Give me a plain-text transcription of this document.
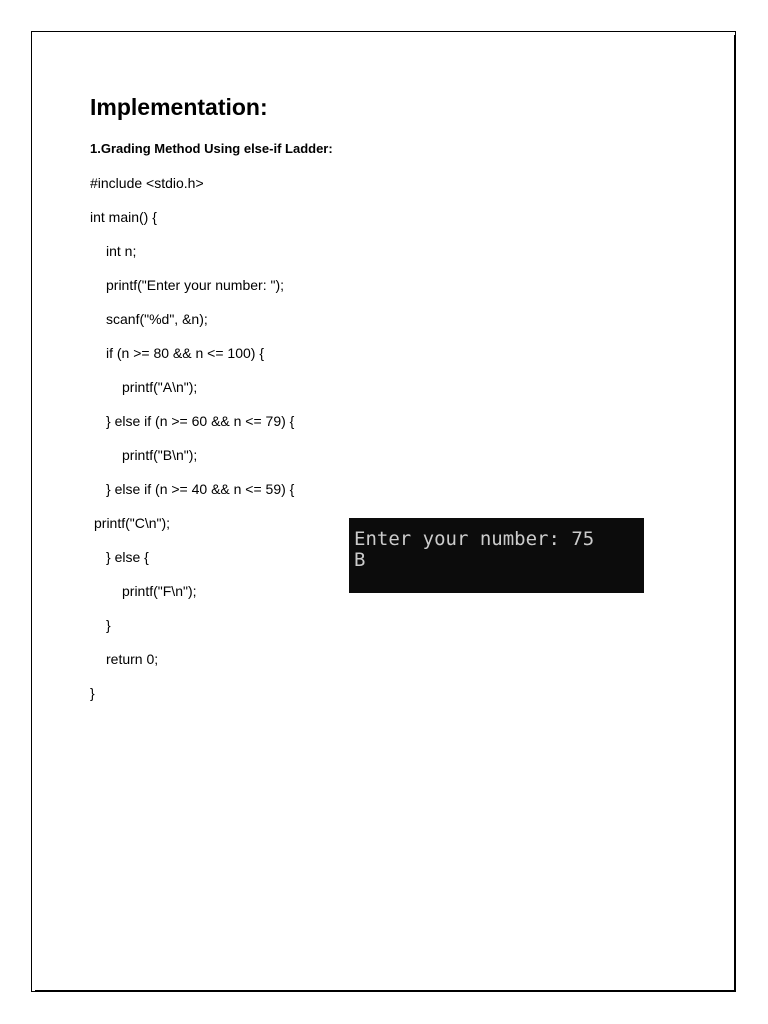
Implementation:
1.Grading Method Using else-if Ladder:
#include <stdio.h>
int main() {
int n;
printf("Enter your number: ");
scanf("%d", &n);
if (n >= 80 && n <= 100) {
printf("A\n");
} else if (n >= 60 && n <= 79) {
printf("B\n");
} else if (n >= 40 && n <= 59) {
printf("C\n");
} else {
printf("F\n");
}
return 0;
}
Enter your number: 75
B
